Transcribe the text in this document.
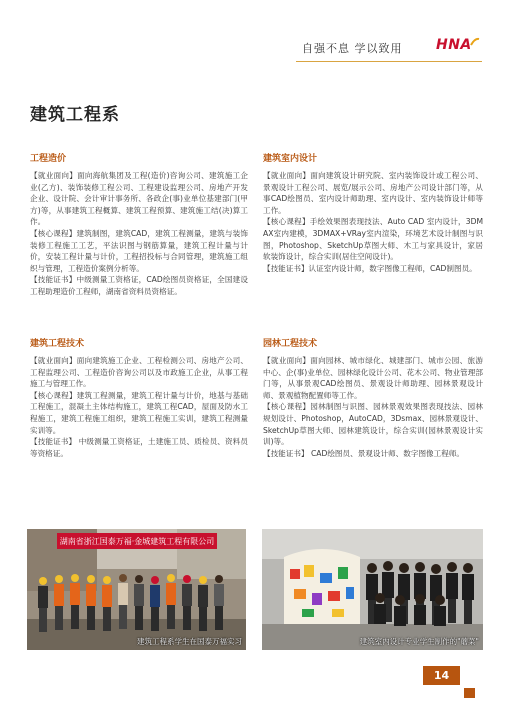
自强不息 学以致用 HNA
建筑工程系
工程造价

【就业面向】面向海航集团及工程(造价)咨询公司、建筑施工企业(乙方)、装饰装修工程公司、工程建设监理公司、房地产开发企业、设计院、会计审计事务所、各政企(事)业单位基建部门(甲方)等，从事建筑工程概算、建筑工程预算、建筑施工结(决)算工作。

【核心课程】建筑制图，建筑CAD，建筑工程测量，建筑与装饰装修工程施工工艺，平法识图与钢筋算量，建筑工程计量与计价，安装工程计量与计价，工程招投标与合同管理，建筑施工组织与管理，工程造价案例分析等。

【技能证书】中级测量工资格证，CAD绘图员资格证，全国建设工程助理造价工程师，湖南省资料员资格证。

建筑工程技术

【就业面向】面向建筑施工企业、工程检测公司、房地产公司、工程监理公司、工程造价咨询公司以及市政施工企业，从事工程施工与管理工作。

【核心课程】建筑工程测量，建筑工程计量与计价，地基与基础工程施工，混凝土主体结构施工，建筑工程CAD，屋面及防水工程施工，建筑工程施工组织，建筑工程施工实训，建筑工程测量实训等。

【技能证书】 中级测量工资格证，土建施工员、质检员、资料员等资格证。

建筑室内设计

【就业面向】面向建筑设计研究院、室内装饰设计或工程公司、景观设计工程公司、展览/展示公司、房地产公司设计部门等，从事CAD绘图员、室内设计师助理、室内设计、室内装饰设计师等工作。

【核心课程】手绘效果图表现技法、Auto CAD 室内设计，3DMAX室内建模，3DMAX+VRay室内渲染，环境艺术设计制图与识图，Photoshop、SketchUp草图大师、木工与家具设计，家居软装饰设计，综合实训(居住空间设计)。

【技能证书】认证室内设计师，数字图像工程师，CAD制图员。

园林工程技术

【就业面向】面向园林、城市绿化、城建部门、城市公园、旅游中心、企(事)业单位、园林绿化设计公司、花木公司、物业管理部门等，从事景观CAD绘图员、景观设计师助理、园林景观设计师、景观植物配置师等工作。

【核心课程】园林制图与识图、园林景观效果图表现技法、园林规划设计、Photoshop，AutoCAD，3Dsmax、园林景观设计、SketchUp草图大师、园林建筑设计，综合实训(园林景观设计实训)等。

【技能证书】 CAD绘图员、景观设计师、数字图像工程师。

湖南省浙江国泰万福·金城建筑工程有限公司
建筑工程系学生在国泰万福实习	建筑室内设计专业学生制作的"蘑菜"
14
